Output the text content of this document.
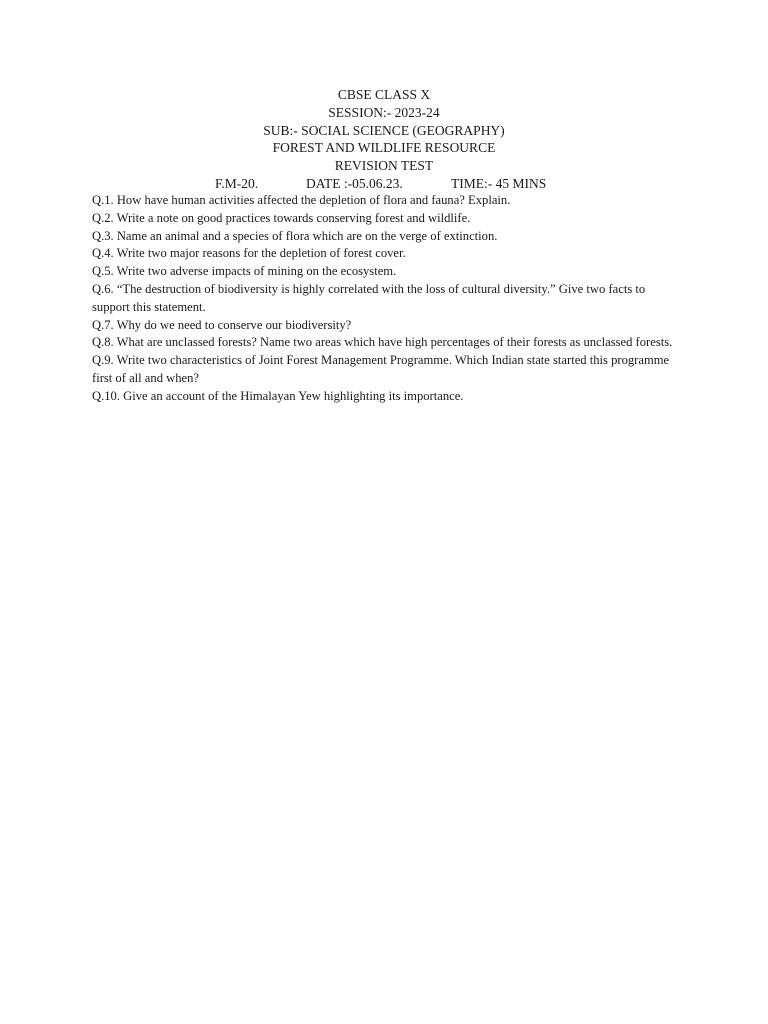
CBSE CLASS X
SESSION:- 2023-24
SUB:- SOCIAL SCIENCE (GEOGRAPHY)
FOREST AND WILDLIFE RESOURCE
REVISION TEST
F.M-20.	DATE :-05.06.23.	TIME:- 45 MINS
Q.1. How have human activities affected the depletion of flora and fauna? Explain.
Q.2. Write a note on good practices towards conserving forest and wildlife.
Q.3. Name an animal and a species of flora which are on the verge of extinction.
Q.4. Write two major reasons for the depletion of forest cover.
Q.5. Write two adverse impacts of mining on the ecosystem.
Q.6. “The destruction of biodiversity is highly correlated with the loss of cultural diversity.” Give two facts to support this statement.
Q.7. Why do we need to conserve our biodiversity?
Q.8. What are unclassed forests? Name two areas which have high percentages of their forests as unclassed forests.
Q.9. Write two characteristics of Joint Forest Management Programme. Which Indian state started this programme first of all and when?
Q.10. Give an account of the Himalayan Yew highlighting its importance.
